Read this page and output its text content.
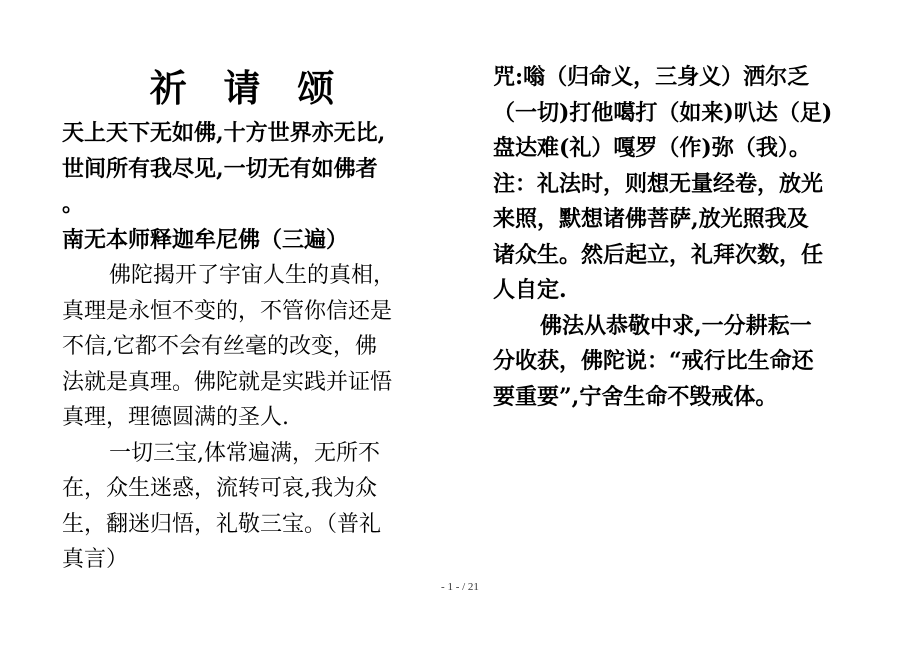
祈 请 颂

天上天下无如佛,十方世界亦无比,

世间所有我尽见,一切无有如佛者

。

南无本师释迦牟尼佛（三遍）

佛陀揭开了宇宙人生的真相，

真理是永恒不变的，不管你信还是

不信,它都不会有丝毫的改变，佛

法就是真理。佛陀就是实践并证悟

真理，理德圆满的圣人.

一切三宝,体常遍满，无所不

在，众生迷惑，流转可哀,我为众

生，翻迷归悟，礼敬三宝。（普礼

真言）

咒:嗡（归命义，三身义）洒尔乏

（一切)打他噶打（如来)叭达（足)

盘达难(礼）嘎罗（作)弥（我）。

注：礼法时，则想无量经卷，放光

来照，默想诸佛菩萨,放光照我及

诸众生。然后起立，礼拜次数，任

人自定.

佛法从恭敬中求,一分耕耘一

分收获，佛陀说：“戒行比生命还

要重要”,宁舍生命不毁戒体。

- 1 - / 21
